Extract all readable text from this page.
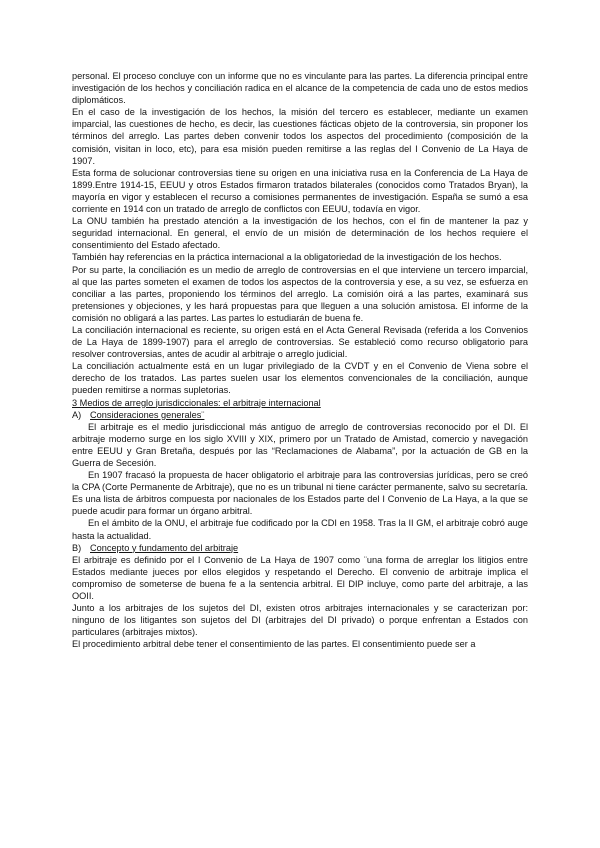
personal. El proceso concluye con un informe que no es vinculante para las partes. La diferencia principal entre investigación de los hechos y conciliación radica en el alcance de la competencia de cada uno de estos medios diplomáticos.

En el caso de la investigación de los hechos, la misión del tercero es establecer, mediante un examen imparcial, las cuestiones de hecho, es decir, las cuestiones fácticas objeto de la controversia, sin proponer los términos del arreglo. Las partes deben convenir todos los aspectos del procedimiento (composición de la comisión, visitan in loco, etc), para esa misión pueden remitirse a las reglas del I Convenio de La Haya de 1907.

Esta forma de solucionar controversias tiene su origen en una iniciativa rusa en la Conferencia de La Haya de 1899.Entre 1914-15, EEUU y otros Estados firmaron tratados bilaterales (conocidos como Tratados Bryan), la mayoría en vigor y establecen el recurso a comisiones permanentes de investigación. España se sumó a esa corriente en 1914 con un tratado de arreglo de conflictos con EEUU, todavía en vigor.

La ONU también ha prestado atención a la investigación de los hechos, con el fin de mantener la paz y seguridad internacional. En general, el envío de un misión de determinación de los hechos requiere el consentimiento del Estado afectado.

También hay referencias en la práctica internacional a la obligatoriedad de la investigación de los hechos.

Por su parte, la conciliación es un medio de arreglo de controversias en el que interviene un tercero imparcial, al que las partes someten el examen de todos los aspectos de la controversia y ese, a su vez, se esfuerza en conciliar a las partes, proponiendo los términos del arreglo. La comisión oirá a las partes, examinará sus pretensiones y objeciones, y les hará propuestas para que lleguen a una solución amistosa. El informe de la comisión no obligará a las partes. Las partes lo estudiarán de buena fe.

La conciliación internacional es reciente, su origen está en el Acta General Revisada (referida a los Convenios de La Haya de 1899-1907) para el arreglo de controversias. Se estableció como recurso obligatorio para resolver controversias, antes de acudir al arbitraje o arreglo judicial.

La conciliación actualmente está en un lugar privilegiado de la CVDT y en el Convenio de Viena sobre el derecho de los tratados. Las partes suelen usar los elementos convencionales de la conciliación, aunque pueden remitirse a normas supletorias.

3 Medios de arreglo jurisdiccionales: el arbitraje internacional

A) Consideraciones generales¨

El arbitraje es el medio jurisdiccional más antiguo de arreglo de controversias reconocido por el DI. El arbitraje moderno surge en los siglo XVIII y XIX, primero por un Tratado de Amistad, comercio y navegación entre EEUU y Gran Bretaña, después por las “Reclamaciones de Alabama”, por la actuación de GB en la Guerra de Secesión.

En 1907 fracasó la propuesta de hacer obligatorio el arbitraje para las controversias jurídicas, pero se creó la CPA (Corte Permanente de Arbitraje), que no es un tribunal ni tiene carácter permanente, salvo su secretaría. Es una lista de árbitros compuesta por nacionales de los Estados parte del I Convenio de La Haya, a la que se puede acudir para formar un órgano arbitral.

En el ámbito de la ONU, el arbitraje fue codificado por la CDI en 1958. Tras la II GM, el arbitraje cobró auge hasta la actualidad.

B) Concepto y fundamento del arbitraje

El arbitraje es definido por el I Convenio de La Haya de 1907 como ¨una forma de arreglar los litigios entre Estados mediante jueces por ellos elegidos y respetando el Derecho. El convenio de arbitraje implica el compromiso de someterse de buena fe a la sentencia arbitral. El DIP incluye, como parte del arbitraje, a las OOII.

Junto a los arbitrajes de los sujetos del DI, existen otros arbitrajes internacionales y se caracterizan por: ninguno de los litigantes son sujetos del DI (arbitrajes del DI privado) o porque enfrentan a Estados con particulares (arbitrajes mixtos).

El procedimiento arbitral debe tener el consentimiento de las partes. El consentimiento puede ser a
